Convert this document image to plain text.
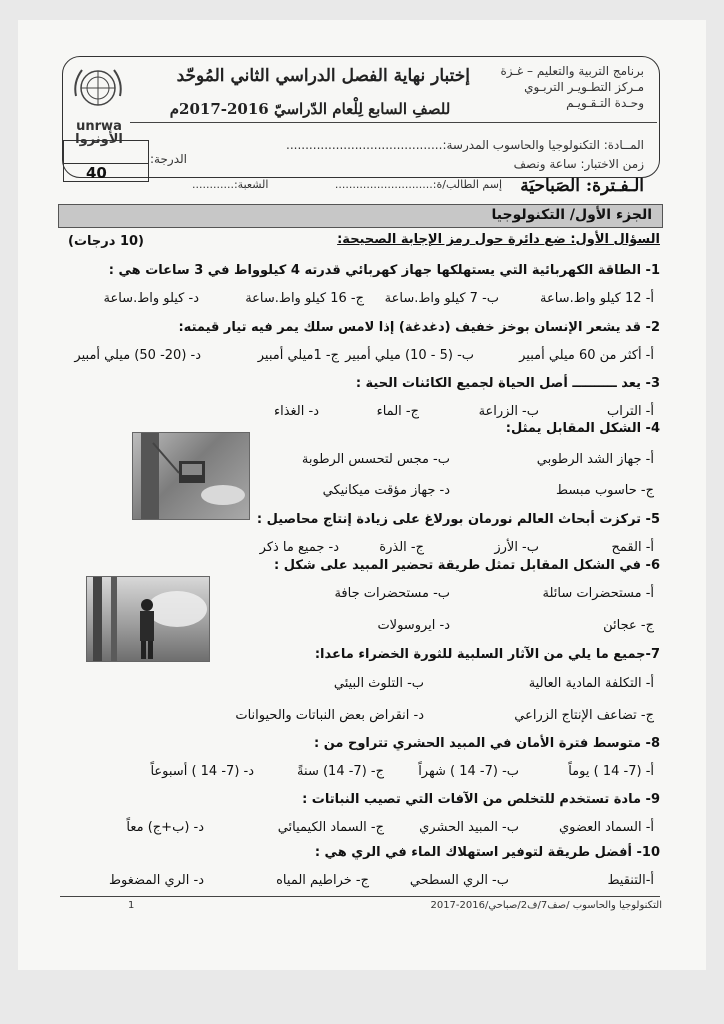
unrwa
الأونروا
برنامج التربية والتعليم – غـزة
مـركز التطـويـر التربـوي
وحـدة التـقـويـم
إختبار نهاية الفصل الدراسي الثاني المُوحّد
للصفِ السابع لِلْعام الدّراسيّ 2016-2017م
المــادة: التكنولوجيا والحاسوب
المدرسة:.........................................
زمن الاختبار: ساعة ونصف
الدرجة:
40
الـفـترة: الصَباحيَة
إسم الطالب/ة:............................
الشعبة:............
الجزء الأول/ التكنولوجيا
السؤال الأول: ضع دائرة حول رمز الإجابة الصحيحة:
(10 درجات)
1- الطاقة الكهربائية التي يستهلكها جهاز كهربائي قدرته 4 كيلوواط في 3 ساعات هي :
أ- 12 كيلو واط.ساعة
ب- 7 كيلو واط.ساعة
ج- 16 كيلو واط.ساعة
د- كيلو واط.ساعة
2- قد يشعر الإنسان بوخز خفيف (دغدغة) إذا لامس سلك يمر فيه تيار قيمته:
أ- أكثر من 60 ميلي أمبير
ب- (5 - 10) ميلي أمبير
ج- 1ميلي أمبير
د- (20- 50) ميلي أمبير
3- يعد ــــــــــ أصل الحياة لجميع الكائنات الحية :
أ- التراب
ب- الزراعة
ج- الماء
د- الغذاء
4- الشكل المقابل يمثل:
أ- جهاز الشد الرطوبي
ب- مجس لتحسس الرطوبة
ج- حاسوب مبسط
د- جهاز مؤقت ميكانيكي
5- تركزت أبحاث العالم نورمان بورلاغ على زيادة إنتاج محاصيل :
أ- القمح
ب- الأرز
ج- الذرة
د- جميع ما ذكر
6- في الشكل المقابل تمثل طريقة تحضير المبيد على شكل :
أ- مستحضرات سائلة
ب- مستحضرات جافة
ج- عجائن
د- ايروسولات
7-جميع ما يلي من الآثار السلبية للثورة الخضراء ماعدا:
أ- التكلفة المادية العالية
ب- التلوث البيئي
ج- تضاعف الإنتاج الزراعي
د- انقراض بعض النباتات والحيوانات
8- متوسط فترة الأمان في المبيد الحشري تتراوح من :
أ- (7- 14 ) يوماً
ب- (7- 14 ) شهراً
ج- (7- 14) سنةً
د- (7- 14 ) أسبوعاً
9- مادة تستخدم للتخلص من الآفات التي تصيب النباتات :
أ- السماد العضوي
ب- المبيد الحشري
ج- السماد الكيميائي
د- (ب+ج) معاً
10- أفضل طريقة لتوفير استهلاك الماء في الري هي :
أ-التنقيط
ب- الري السطحي
ج- خراطيم المياه
د- الري المضغوط
التكنولوجيا والحاسوب /صف7/ف2/صباحي/2016-2017
1
